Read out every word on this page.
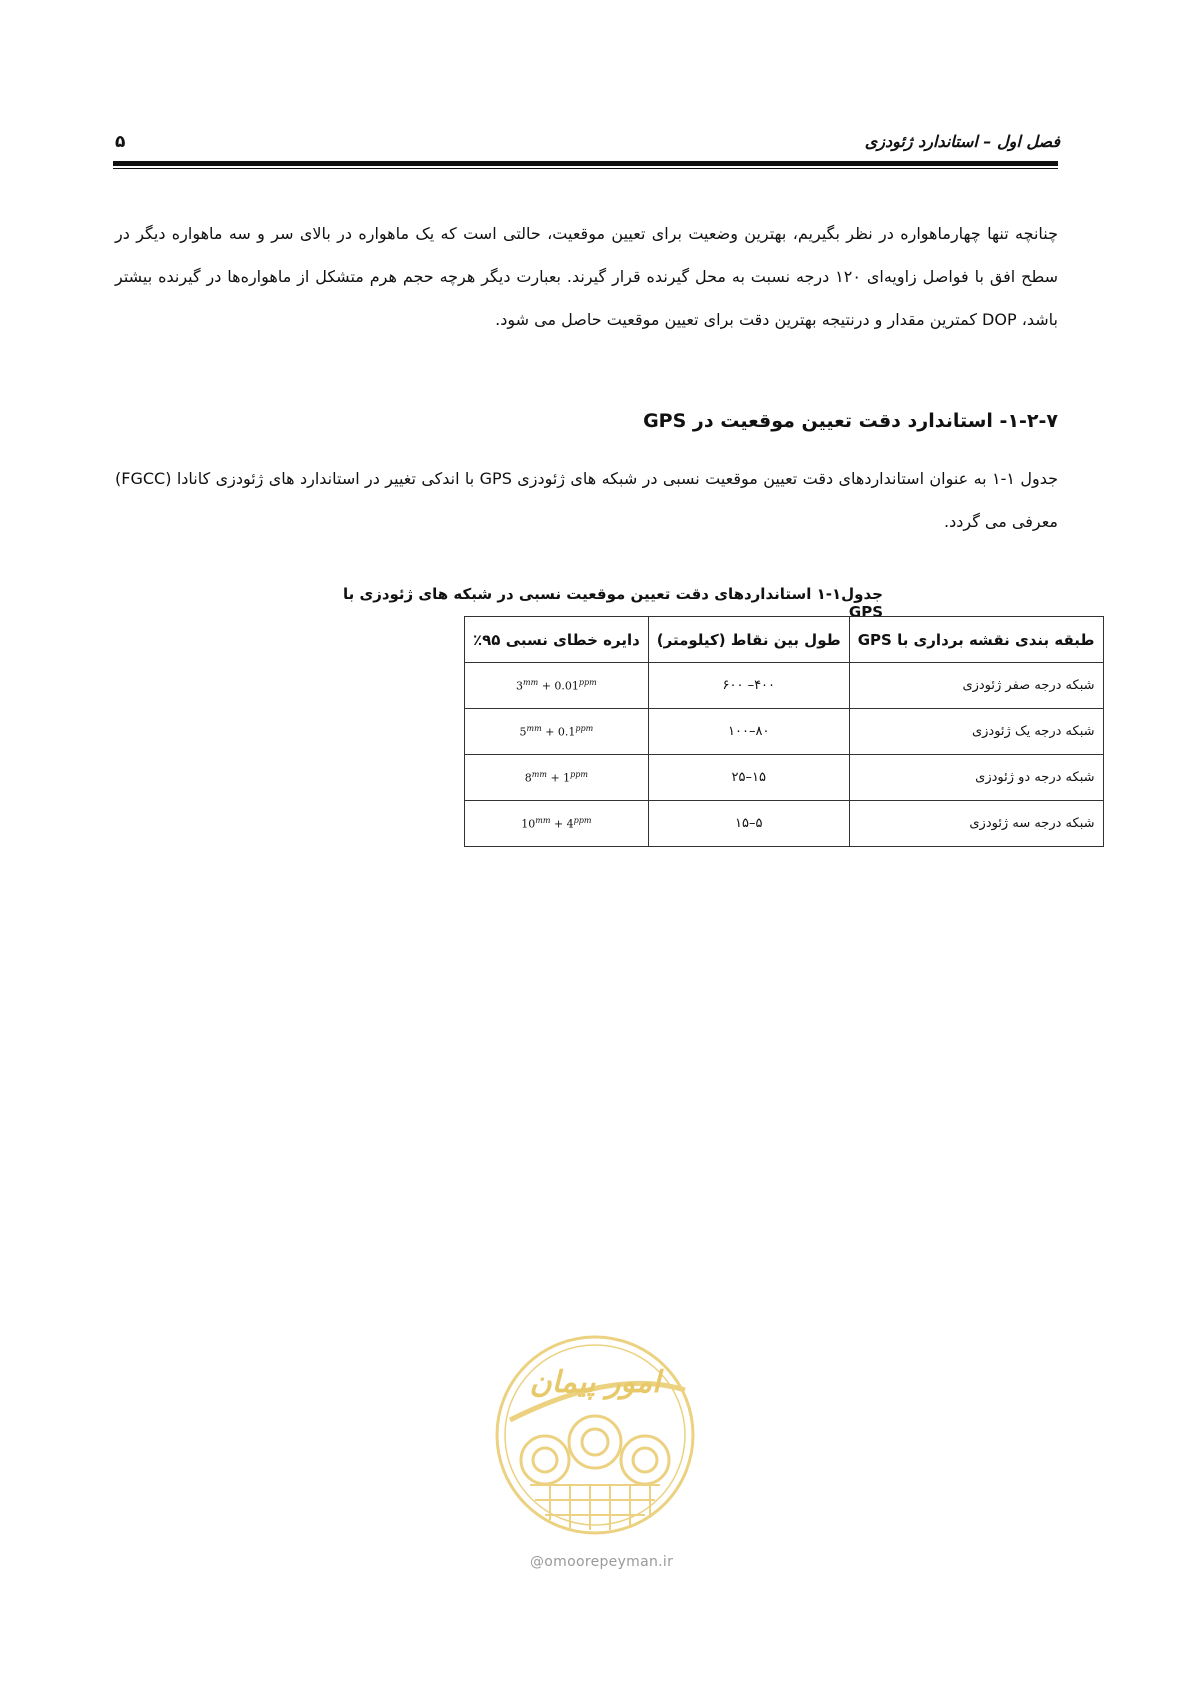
فصل اول – استاندارد ژئودزی
۵
چنانچه تنها چهارماهواره در نظر بگیریم، بهترین وضعیت برای تعیین موقعیت، حالتی است که یک ماهواره در بالای سر و سه ماهواره دیگر در سطح افق با فواصل زاویه‌ای ۱۲۰ درجه نسبت به محل گیرنده قرار گیرند. بعبارت دیگر هرچه حجم هرم متشکل از ماهواره‌ها در گیرنده بیشتر باشد، DOP کمترین مقدار و درنتیجه بهترین دقت برای تعیین موقعیت حاصل می شود.
۱-۲-۷- استاندارد دقت تعیین موقعیت در GPS
جدول ۱-۱ به عنوان استانداردهای دقت تعیین موقعیت نسبی در شبکه های ژئودزی GPS با اندکی تغییر در استاندارد های ژئودزی کانادا (FGCC) معرفی می گردد.
جدول۱-۱ استانداردهای دقت تعیین موقعیت نسبی در شبکه های ژئودزی با GPS
طبقه بندی نقشه برداری با GPS	طول بین نقاط (کیلومتر)	دایره خطای نسبی ۹۵٪
شبکه درجه صفر ژئودزی	۴۰۰– ۶۰۰	$3^{mm} + 0.01^{ppm}$
شبکه درجه یک ژئودزی	۸۰–۱۰۰	$5^{mm} + 0.1^{ppm}$
شبکه درجه دو ژئودزی	۱۵–۲۵	$8^{mm} + 1^{ppm}$
شبکه درجه سه ژئودزی	۵–۱۵	$10^{mm} + 4^{ppm}$
امور پیمان
@omoorepeyman.ir
